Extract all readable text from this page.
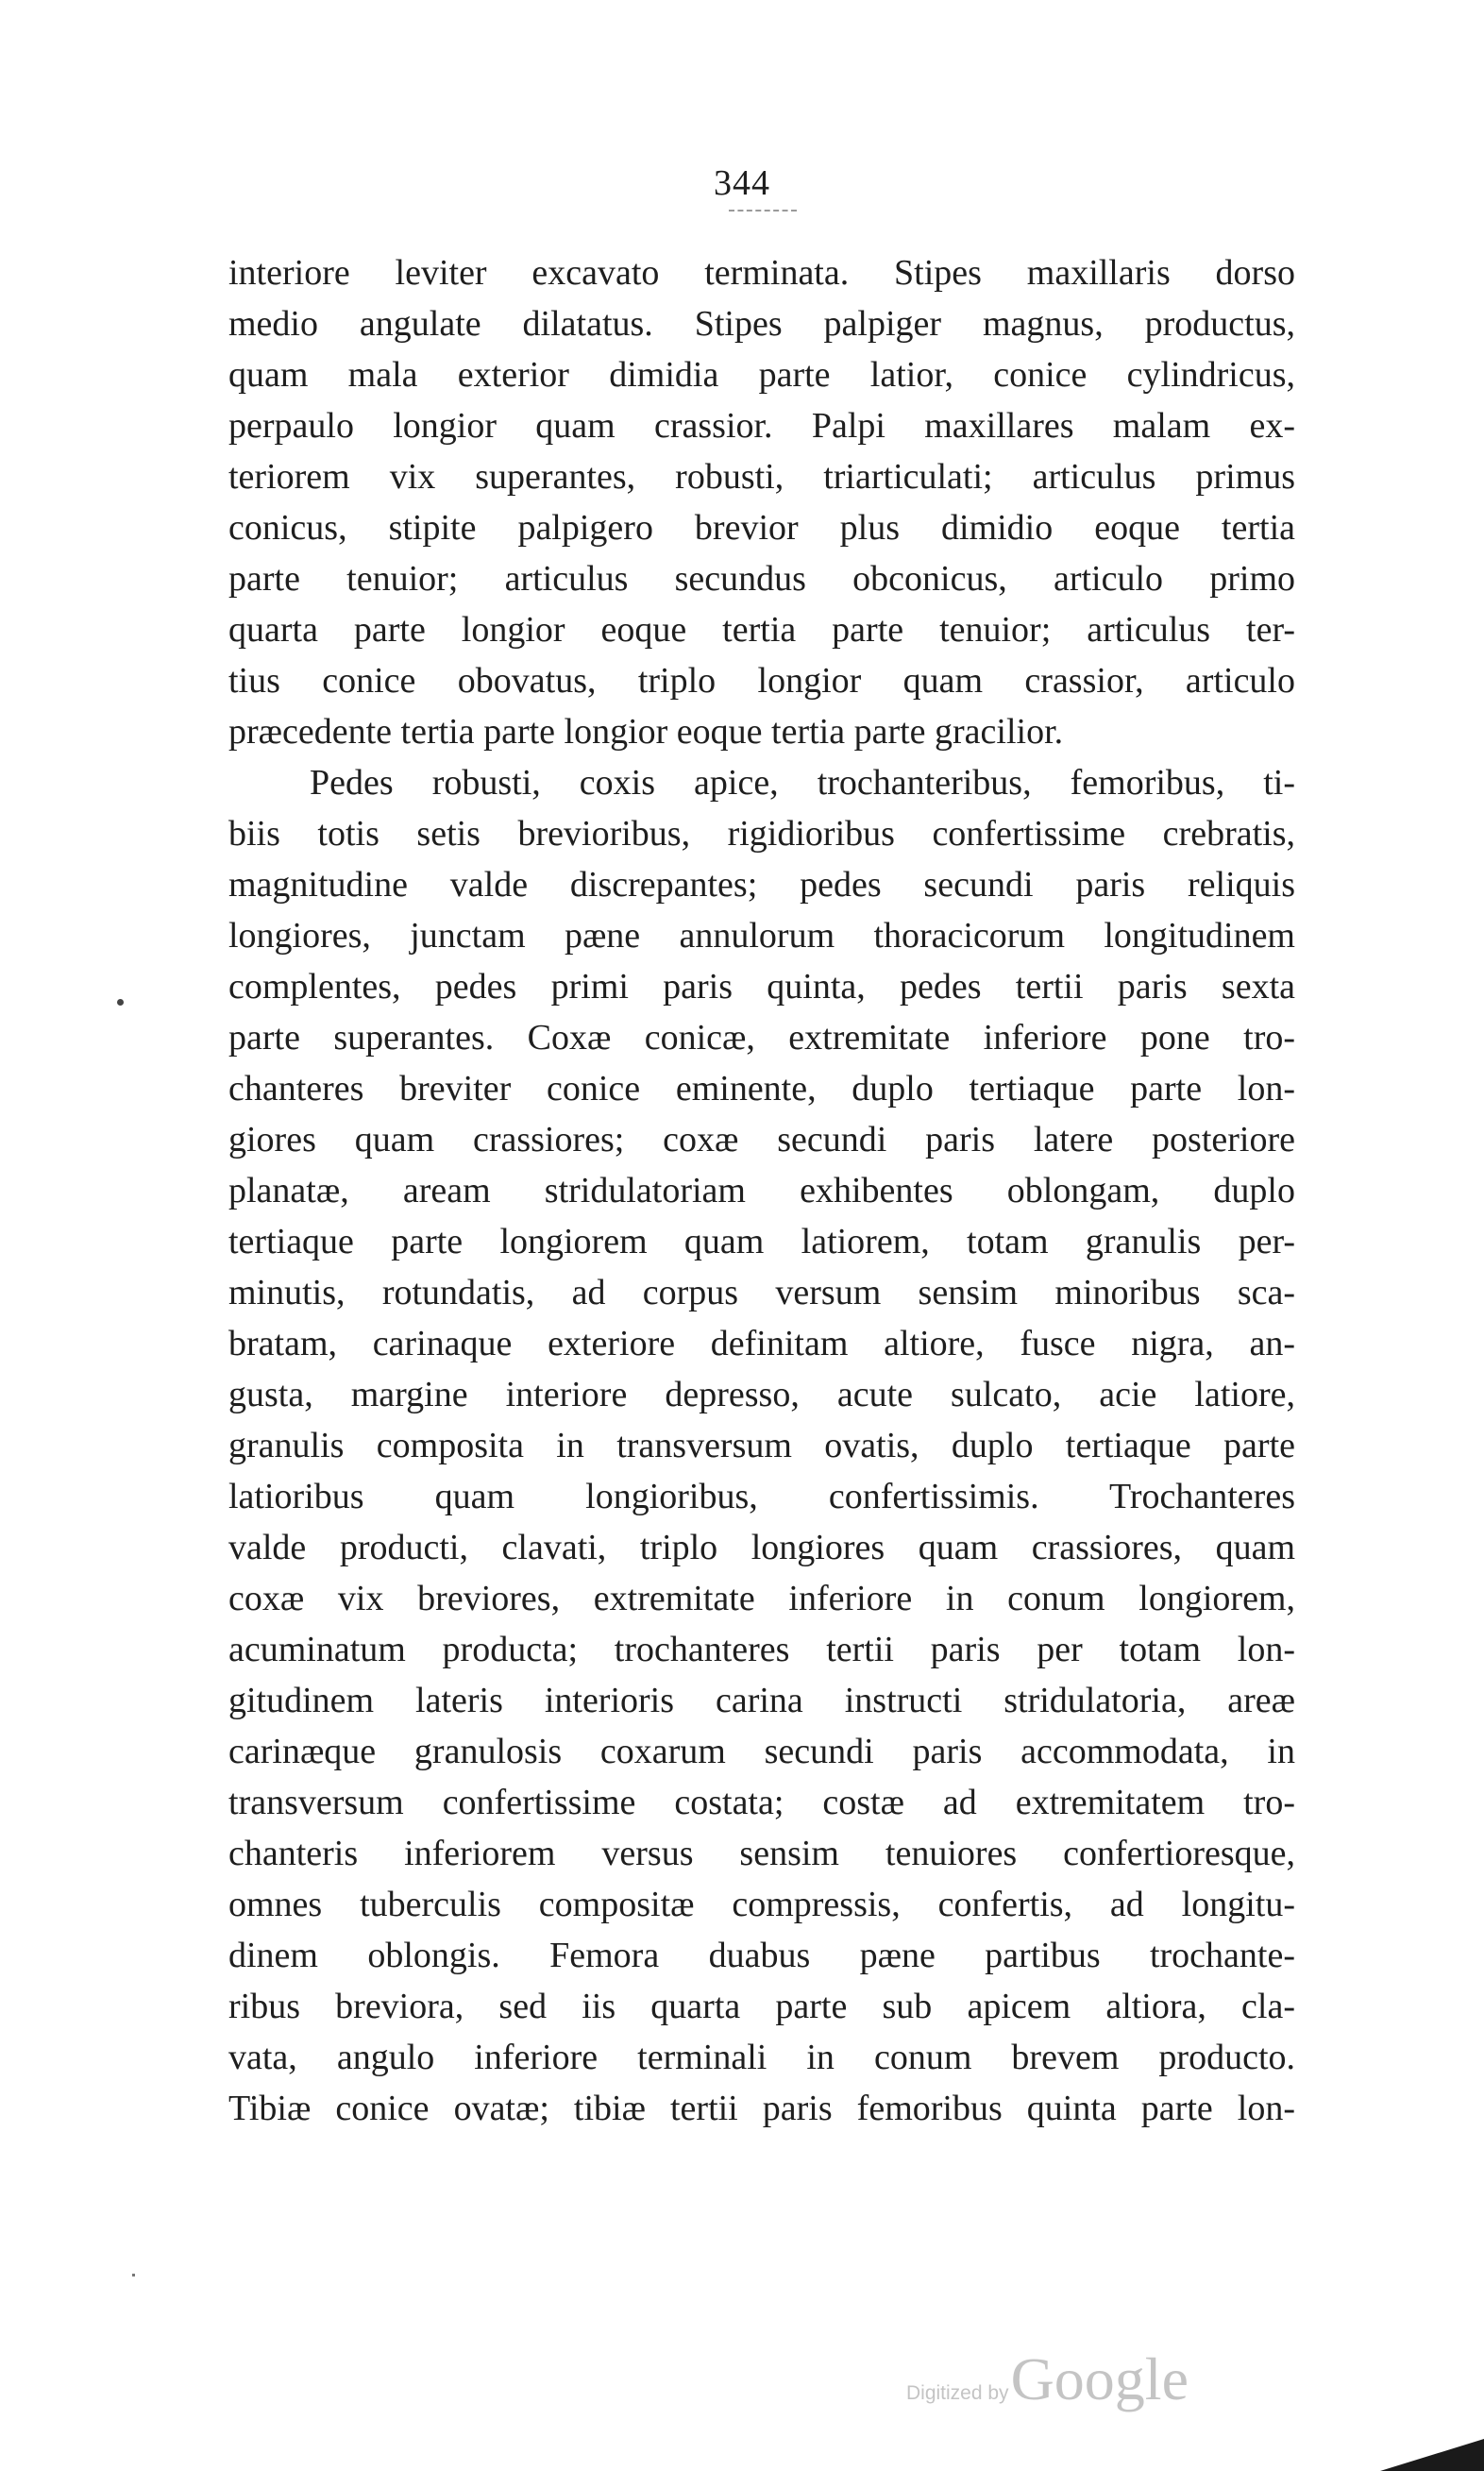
344
interiore leviter excavato terminata. Stipes maxillaris dorso
medio angulate dilatatus. Stipes palpiger magnus, productus,
quam mala exterior dimidia parte latior, conice cylindricus,
perpaulo longior quam crassior. Palpi maxillares malam ex-
teriorem vix superantes, robusti, triarticulati; articulus primus
conicus, stipite palpigero brevior plus dimidio eoque tertia
parte tenuior; articulus secundus obconicus, articulo primo
quarta parte longior eoque tertia parte tenuior; articulus ter-
tius conice obovatus, triplo longior quam crassior, articulo
præcedente tertia parte longior eoque tertia parte gracilior.
Pedes robusti, coxis apice, trochanteribus, femoribus, ti-
biis totis setis brevioribus, rigidioribus confertissime crebratis,
magnitudine valde discrepantes; pedes secundi paris reliquis
longiores, junctam pæne annulorum thoracicorum longitudinem
complentes, pedes primi paris quinta, pedes tertii paris sexta
parte superantes. Coxæ conicæ, extremitate inferiore pone tro-
chanteres breviter conice eminente, duplo tertiaque parte lon-
giores quam crassiores; coxæ secundi paris latere posteriore
planatæ, aream stridulatoriam exhibentes oblongam, duplo
tertiaque parte longiorem quam latiorem, totam granulis per-
minutis, rotundatis, ad corpus versum sensim minoribus sca-
bratam, carinaque exteriore definitam altiore, fusce nigra, an-
gusta, margine interiore depresso, acute sulcato, acie latiore,
granulis composita in transversum ovatis, duplo tertiaque parte
latioribus quam longioribus, confertissimis. Trochanteres
valde producti, clavati, triplo longiores quam crassiores, quam
coxæ vix breviores, extremitate inferiore in conum longiorem,
acuminatum producta; trochanteres tertii paris per totam lon-
gitudinem lateris interioris carina instructi stridulatoria, areæ
carinæque granulosis coxarum secundi paris accommodata, in
transversum confertissime costata; costæ ad extremitatem tro-
chanteris inferiorem versus sensim tenuiores confertioresque,
omnes tuberculis compositæ compressis, confertis, ad longitu-
dinem oblongis. Femora duabus pæne partibus trochante-
ribus breviora, sed iis quarta parte sub apicem altiora, cla-
vata, angulo inferiore terminali in conum brevem producto.
Tibiæ conice ovatæ; tibiæ tertii paris femoribus quinta parte lon-
Digitized by Google
